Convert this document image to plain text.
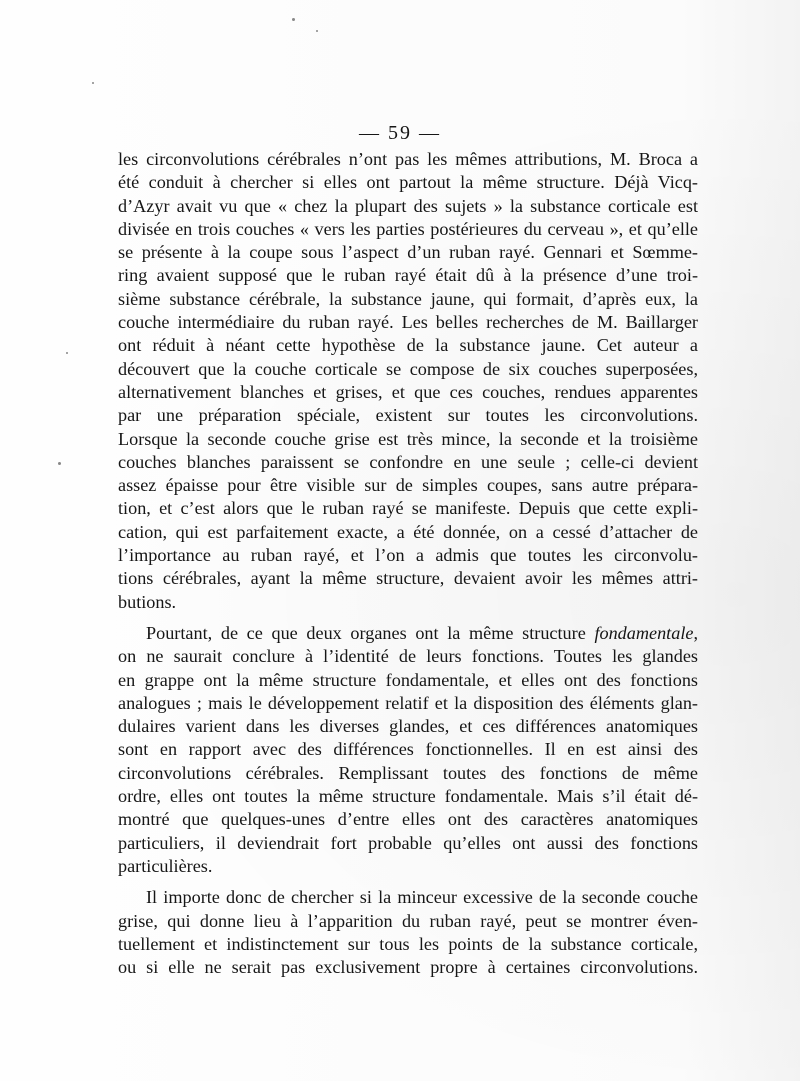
— 59 —
les circonvolutions cérébrales n’ont pas les mêmes attributions, M. Broca a
été conduit à chercher si elles ont partout la même structure. Déjà Vicq-
d’Azyr avait vu que « chez la plupart des sujets » la substance corticale est
divisée en trois couches « vers les parties postérieures du cerveau », et qu’elle
se présente à la coupe sous l’aspect d’un ruban rayé. Gennari et Sœmme-
ring avaient supposé que le ruban rayé était dû à la présence d’une troi-
sième substance cérébrale, la substance jaune, qui formait, d’après eux, la
couche intermédiaire du ruban rayé. Les belles recherches de M. Baillarger
ont réduit à néant cette hypothèse de la substance jaune. Cet auteur a
découvert que la couche corticale se compose de six couches superposées,
alternativement blanches et grises, et que ces couches, rendues apparentes
par une préparation spéciale, existent sur toutes les circonvolutions.
Lorsque la seconde couche grise est très mince, la seconde et la troisième
couches blanches paraissent se confondre en une seule ; celle-ci devient
assez épaisse pour être visible sur de simples coupes, sans autre prépara-
tion, et c’est alors que le ruban rayé se manifeste. Depuis que cette expli-
cation, qui est parfaitement exacte, a été donnée, on a cessé d’attacher de
l’importance au ruban rayé, et l’on a admis que toutes les circonvolu-
tions cérébrales, ayant la même structure, devaient avoir les mêmes attri-
butions.
Pourtant, de ce que deux organes ont la même structure fondamentale,
on ne saurait conclure à l’identité de leurs fonctions. Toutes les glandes
en grappe ont la même structure fondamentale, et elles ont des fonctions
analogues ; mais le développement relatif et la disposition des éléments glan-
dulaires varient dans les diverses glandes, et ces différences anatomiques
sont en rapport avec des différences fonctionnelles. Il en est ainsi des
circonvolutions cérébrales. Remplissant toutes des fonctions de même
ordre, elles ont toutes la même structure fondamentale. Mais s’il était dé-
montré que quelques-unes d’entre elles ont des caractères anatomiques
particuliers, il deviendrait fort probable qu’elles ont aussi des fonctions
particulières.
Il importe donc de chercher si la minceur excessive de la seconde couche
grise, qui donne lieu à l’apparition du ruban rayé, peut se montrer éven-
tuellement et indistinctement sur tous les points de la substance corticale,
ou si elle ne serait pas exclusivement propre à certaines circonvolutions.
